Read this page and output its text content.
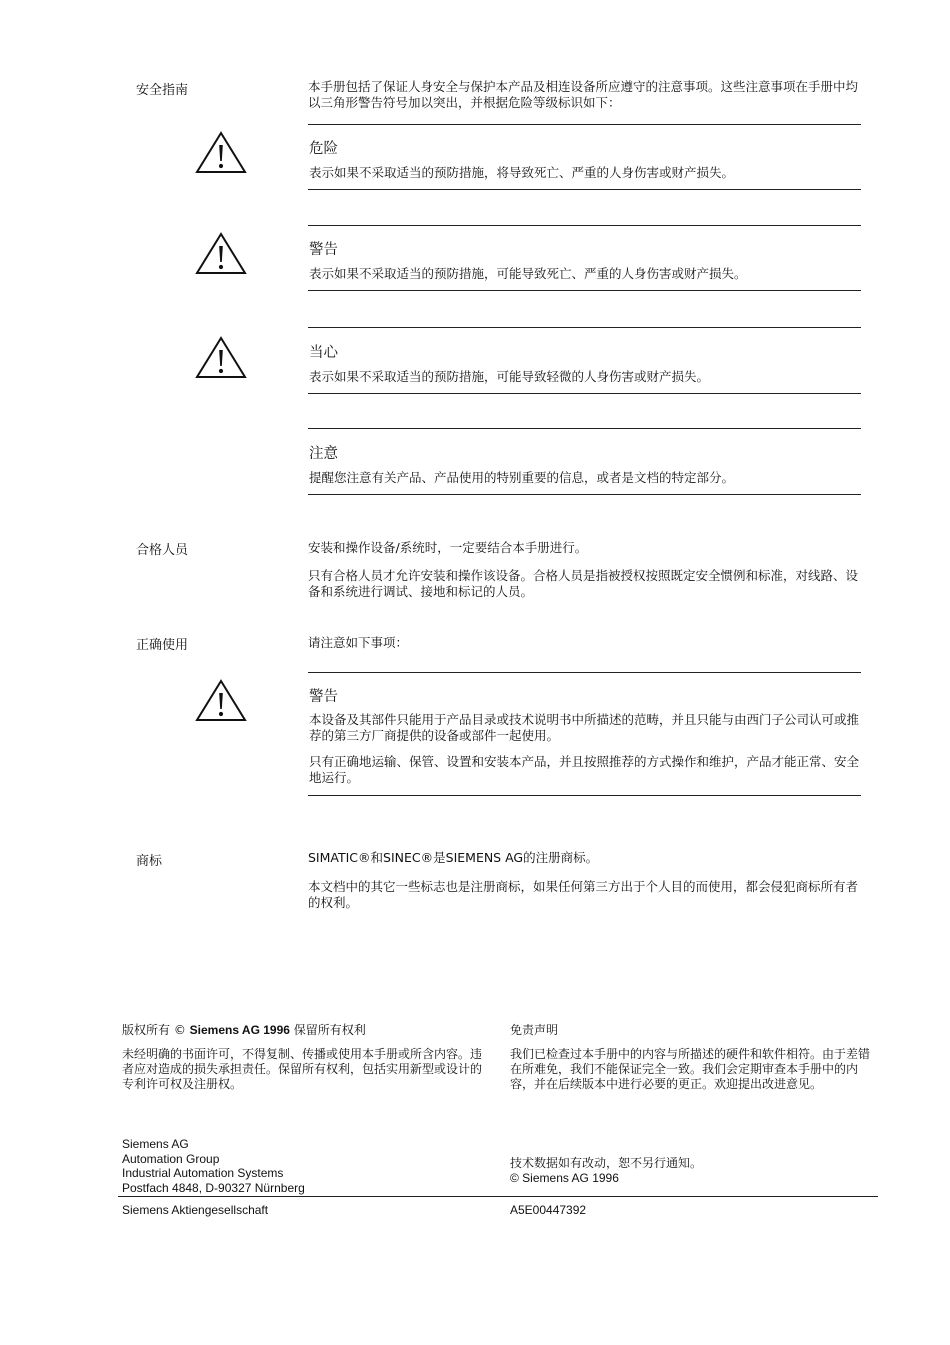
安全指南	本手册包括了保证人身安全与保护本产品及相连设备所应遵守的注意事项。这些注意事项在手册中均以三角形警告符号加以突出，并根据危险等级标识如下：
危险
表示如果不采取适当的预防措施，将导致死亡、严重的人身伤害或财产损失。
警告
表示如果不采取适当的预防措施，可能导致死亡、严重的人身伤害或财产损失。
当心
表示如果不采取适当的预防措施，可能导致轻微的人身伤害或财产损失。
注意
提醒您注意有关产品、产品使用的特别重要的信息，或者是文档的特定部分。
合格人员	安装和操作设备/系统时，一定要结合本手册进行。
只有合格人员才允许安装和操作该设备。合格人员是指被授权按照既定安全惯例和标准，对线路、设备和系统进行调试、接地和标记的人员。
正确使用	请注意如下事项：
警告
本设备及其部件只能用于产品目录或技术说明书中所描述的范畴，并且只能与由西门子公司认可或推荐的第三方厂商提供的设备或部件一起使用。
只有正确地运输、保管、设置和安装本产品，并且按照推荐的方式操作和维护，产品才能正常、安全地运行。
商标	SIMATIC®和SINEC®是SIEMENS AG的注册商标。
本文档中的其它一些标志也是注册商标，如果任何第三方出于个人目的而使用，都会侵犯商标所有者的权利。
版权所有 © Siemens AG 1996 保留所有权利
未经明确的书面许可，不得复制、传播或使用本手册或所含内容。违者应对造成的损失承担责任。保留所有权利，包括实用新型或设计的专利许可权及注册权。
免责声明
我们已检查过本手册中的内容与所描述的硬件和软件相符。由于差错在所难免，我们不能保证完全一致。我们会定期审查本手册中的内容，并在后续版本中进行必要的更正。欢迎提出改进意见。
Siemens AG
Automation Group
Industrial Automation Systems
Postfach 4848, D-90327 Nürnberg
技术数据如有改动，恕不另行通知。
© Siemens AG 1996
Siemens Aktiengesellschaft	A5E00447392
